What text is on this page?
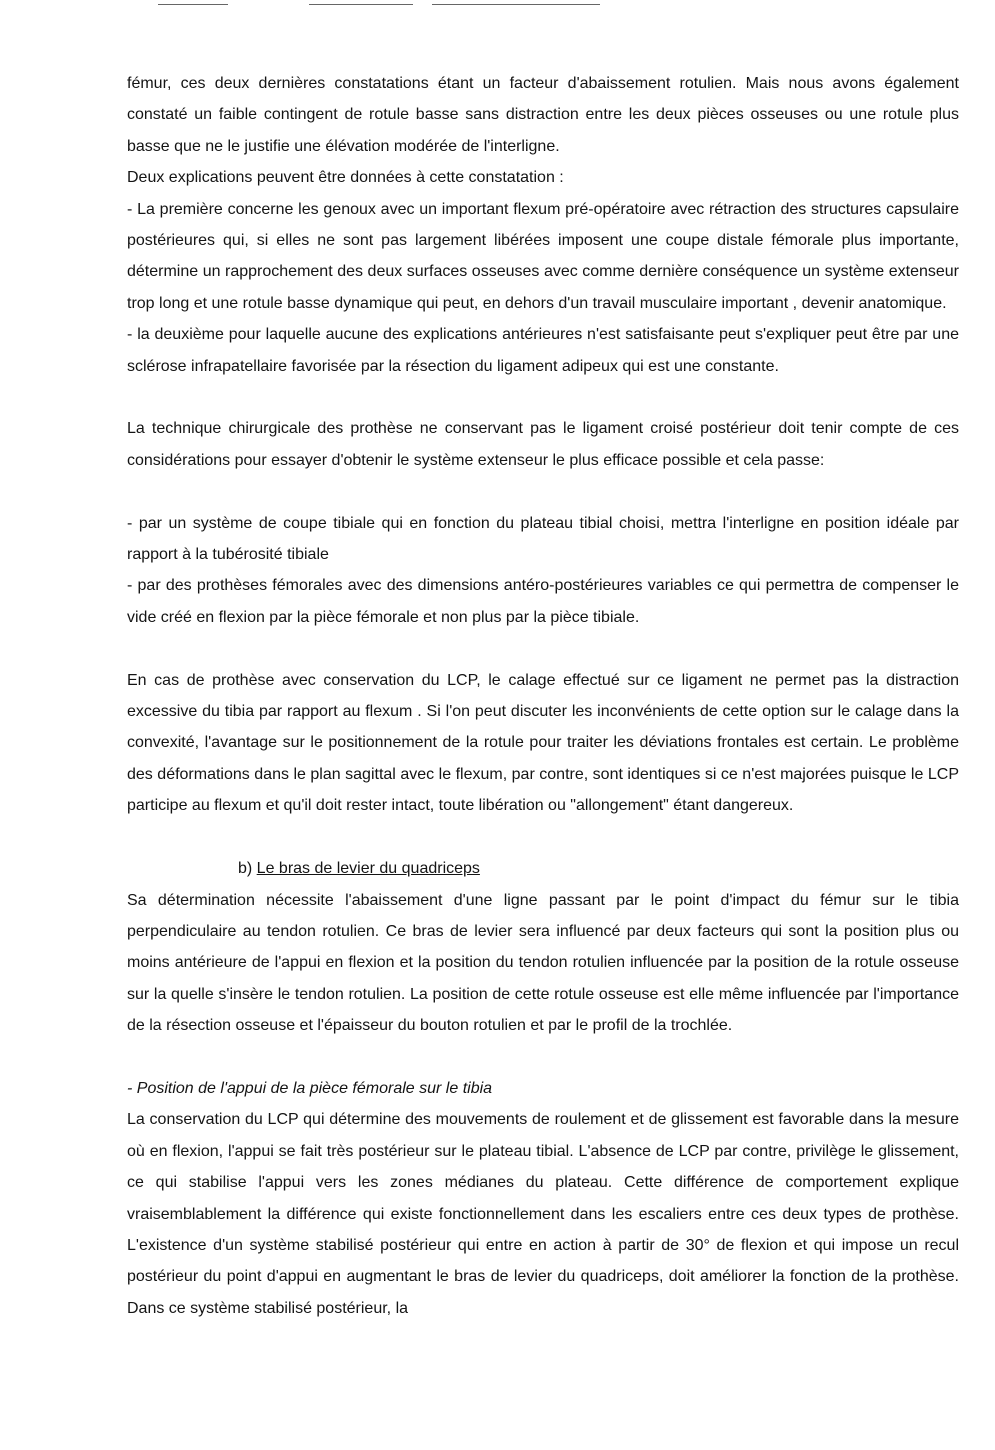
fémur, ces deux dernières constatations étant un facteur d'abaissement rotulien. Mais nous avons également constaté un faible contingent de rotule basse sans distraction entre les deux pièces osseuses ou une rotule plus basse que ne le justifie une élévation modérée de l'interligne.

Deux explications peuvent être données à cette constatation :

- La première concerne les genoux avec un important flexum pré-opératoire avec rétraction des structures capsulaire postérieures qui, si elles ne sont pas largement libérées imposent une coupe distale fémorale plus importante, détermine un rapprochement des deux surfaces osseuses avec comme dernière conséquence un système extenseur trop long et une rotule basse dynamique qui peut, en dehors d'un travail musculaire important , devenir anatomique.

- la deuxième pour laquelle aucune des explications antérieures n'est satisfaisante peut s'expliquer peut être par une sclérose infrapatellaire favorisée par la résection du ligament adipeux qui est une constante.

La technique chirurgicale des prothèse ne conservant pas le ligament croisé postérieur doit tenir compte de ces considérations pour essayer d'obtenir le système extenseur le plus efficace possible et cela passe:

- par un système de coupe tibiale qui en fonction du plateau tibial choisi, mettra l'interligne en position idéale par rapport à la tubérosité tibiale

- par des prothèses fémorales avec des dimensions antéro-postérieures variables ce qui permettra de compenser le vide créé en flexion par la pièce fémorale et non plus par la pièce tibiale.

En cas de prothèse avec conservation du LCP, le calage effectué sur ce ligament ne permet pas la distraction excessive du tibia par rapport au flexum . Si l'on peut discuter les inconvénients de cette option sur le calage dans la convexité, l'avantage sur le positionnement de la rotule pour traiter les déviations frontales est certain. Le problème des déformations dans le plan sagittal avec le flexum, par contre, sont identiques si ce n'est majorées puisque le LCP participe au flexum et qu'il doit rester intact, toute libération ou "allongement" étant dangereux.

b) Le bras de levier du quadriceps

Sa détermination nécessite l'abaissement d'une ligne passant par le point d'impact du fémur sur le tibia perpendiculaire au tendon rotulien. Ce bras de levier sera influencé par deux facteurs qui sont la position plus ou moins antérieure de l'appui en flexion et la position du tendon rotulien influencée par la position de la rotule osseuse sur la quelle s'insère le tendon rotulien. La position de cette rotule osseuse est elle même influencée par l'importance de la résection osseuse et l'épaisseur du bouton rotulien et par le profil de la trochlée.

- Position de l'appui de la pièce fémorale sur le tibia

La conservation du LCP qui détermine des mouvements de roulement et de glissement est favorable dans la mesure où en flexion, l'appui se fait très postérieur sur le plateau tibial. L'absence de LCP par contre, privilège le glissement, ce qui stabilise l'appui vers les zones médianes du plateau. Cette différence de comportement explique vraisemblablement la différence qui existe fonctionnellement dans les escaliers entre ces deux types de prothèse. L'existence d'un système stabilisé postérieur qui entre en action à partir de 30° de flexion et qui impose un recul postérieur du point d'appui en augmentant le bras de levier du quadriceps, doit améliorer la fonction de la prothèse. Dans ce système stabilisé postérieur, la
